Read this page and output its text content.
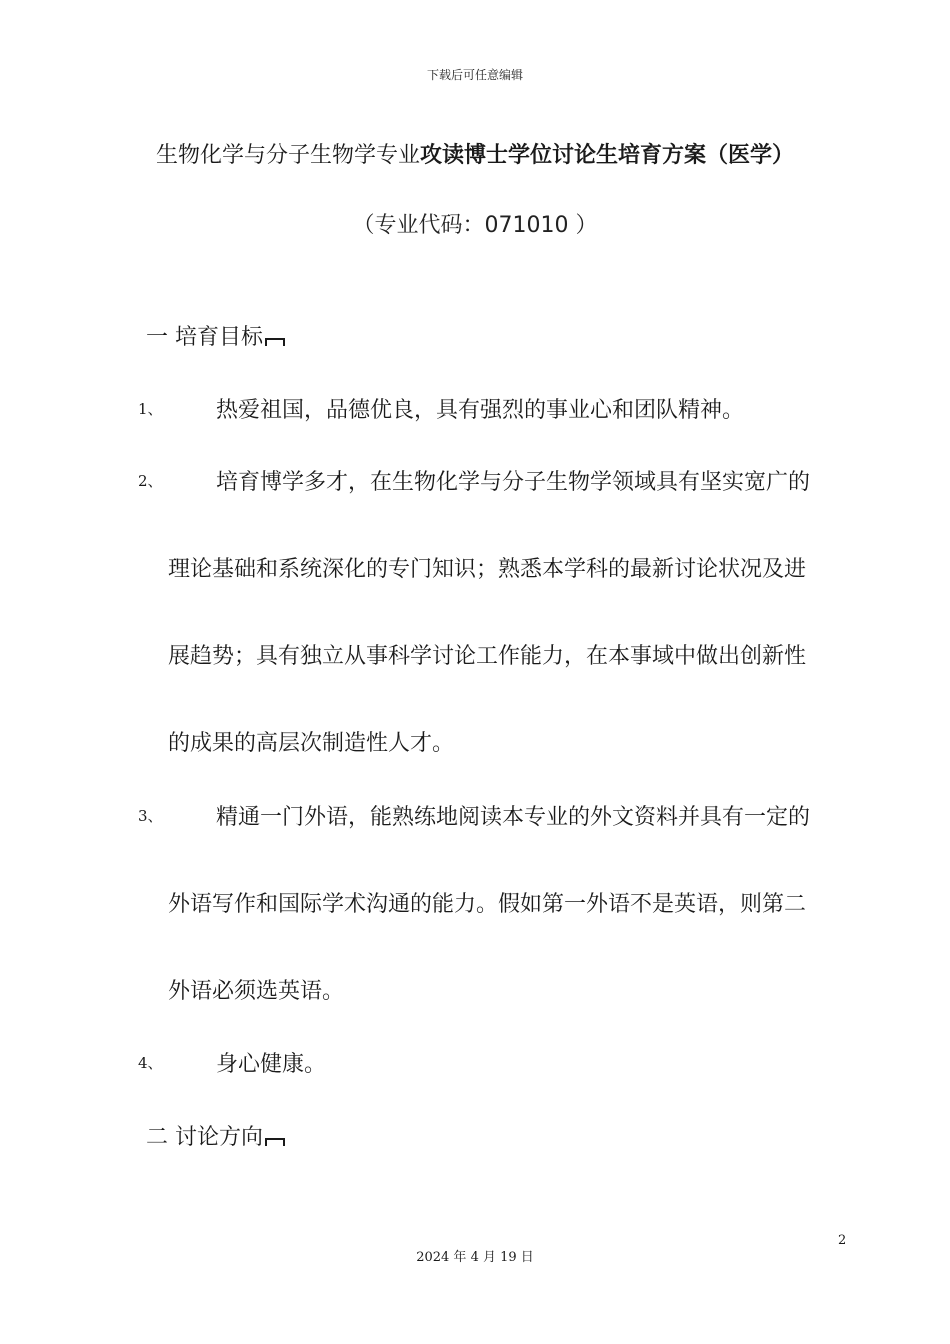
下载后可任意编辑
生物化学与分子生物学专业攻读博士学位讨论生培育方案（医学）
（专业代码：071010 ）
一 培育目标
1、 热爱祖国，品德优良，具有强烈的事业心和团队精神。
2、 培育博学多才，在生物化学与分子生物学领域具有坚实宽广的
理论基础和系统深化的专门知识；熟悉本学科的最新讨论状况及进
展趋势；具有独立从事科学讨论工作能力，在本事域中做出创新性
的成果的高层次制造性人才。
3、 精通一门外语，能熟练地阅读本专业的外文资料并具有一定的
外语写作和国际学术沟通的能力。假如第一外语不是英语，则第二
外语必须选英语。
4、 身心健康。
二 讨论方向
2
2024 年 4 月 19 日
